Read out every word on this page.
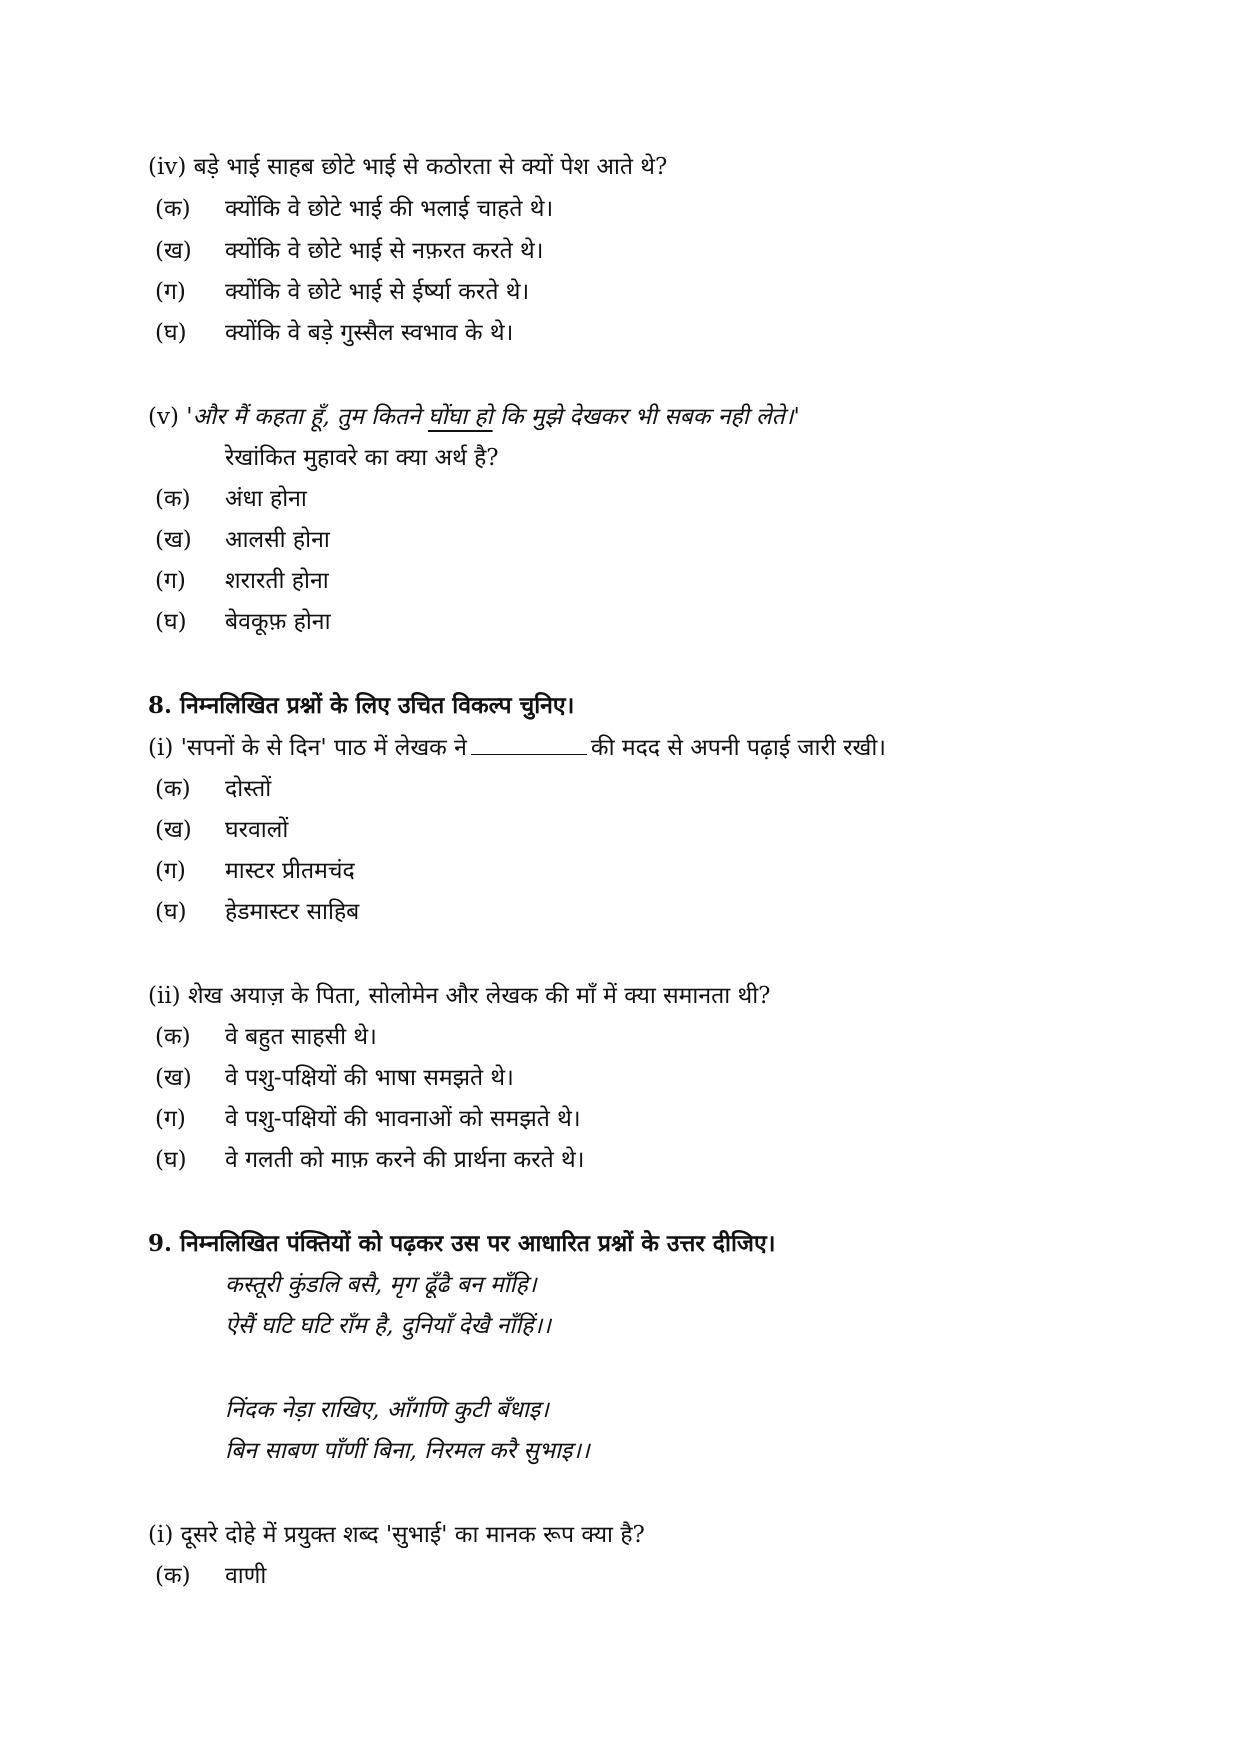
(iv) बड़े भाई साहब छोटे भाई से कठोरता से क्यों पेश आते थे?
(क) क्योंकि वे छोटे भाई की भलाई चाहते थे।
(ख) क्योंकि वे छोटे भाई से नफ़रत करते थे।
(ग) क्योंकि वे छोटे भाई से ईर्ष्या करते थे।
(घ) क्योंकि वे बड़े गुस्सैल स्वभाव के थे।
(v) 'और मैं कहता हूँ, तुम कितने घोंघा हो कि मुझे देखकर भी सबक नही लेते।'
रेखांकित मुहावरे का क्या अर्थ है?
(क) अंधा होना
(ख) आलसी होना
(ग) शरारती होना
(घ) बेवकूफ़ होना
8. निम्नलिखित प्रश्नों के लिए उचित विकल्प चुनिए।
(i) 'सपनों के से दिन' पाठ में लेखक ने	की मदद से अपनी पढ़ाई जारी रखी।
(क) दोस्तों
(ख) घरवालों
(ग) मास्टर प्रीतमचंद
(घ) हेडमास्टर साहिब
(ii) शेख अयाज़ के पिता, सोलोमेन और लेखक की माँ में क्या समानता थी?
(क) वे बहुत साहसी थे।
(ख) वे पशु-पक्षियों की भाषा समझते थे।
(ग) वे पशु-पक्षियों की भावनाओं को समझते थे।
(घ) वे गलती को माफ़ करने की प्रार्थना करते थे।
9. निम्नलिखित पंक्तियों को पढ़कर उस पर आधारित प्रश्नों के उत्तर दीजिए।
कस्तूरी कुंडलि बसै, मृग ढूँढै बन माँहि।
ऐसैं घटि घटि राँम है, दुनियाँ देखै नाँहिं।।
निंदक नेड़ा राखिए, आँगणि कुटी बँधाइ।
बिन साबण पाँणीं बिना, निरमल करै सुभाइ।।
(i) दूसरे दोहे में प्रयुक्त शब्द 'सुभाई' का मानक रूप क्या है?
(क) वाणी
